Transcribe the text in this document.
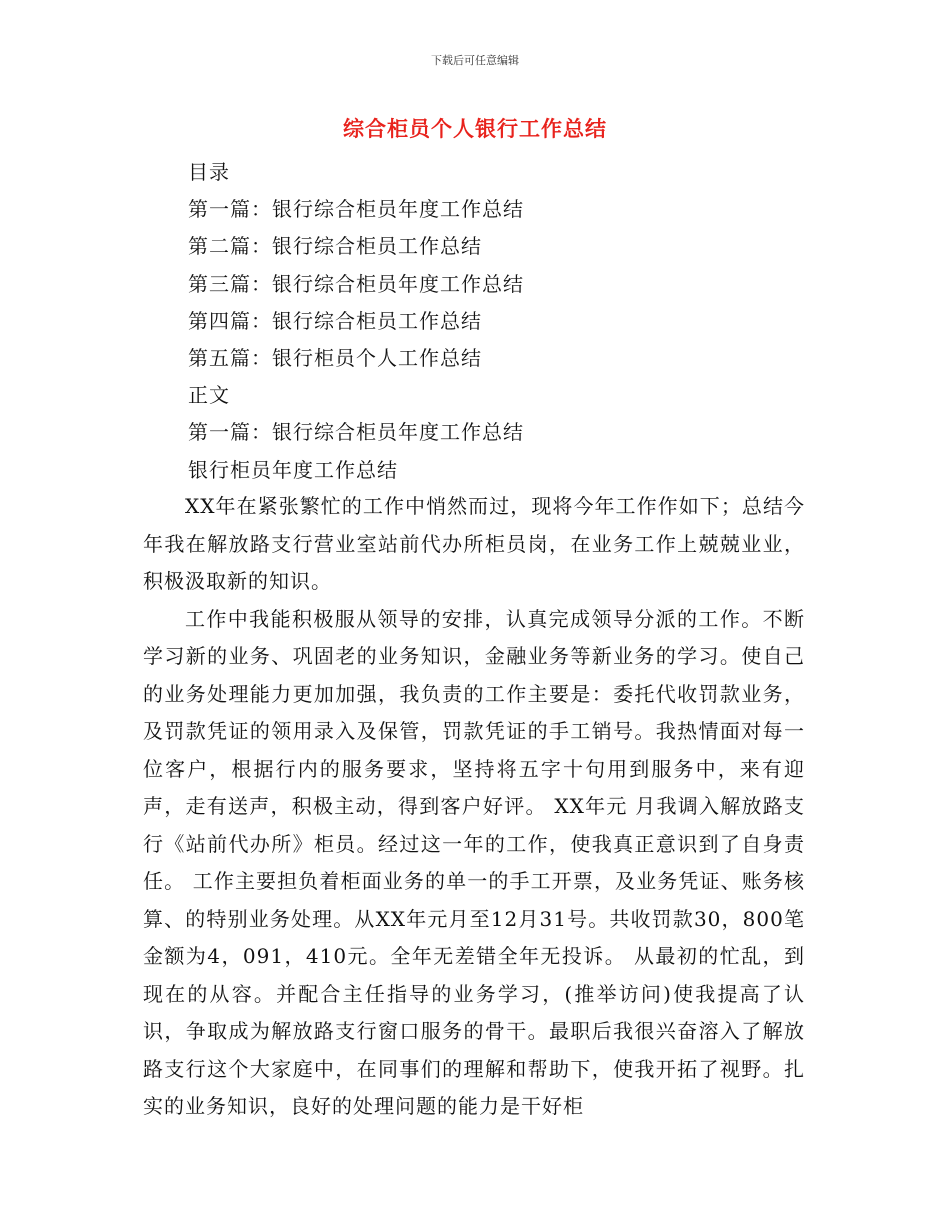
下载后可任意编辑
综合柜员个人银行工作总结
目录
第一篇：银行综合柜员年度工作总结
第二篇：银行综合柜员工作总结
第三篇：银行综合柜员年度工作总结
第四篇：银行综合柜员工作总结
第五篇：银行柜员个人工作总结
正文
第一篇：银行综合柜员年度工作总结
银行柜员年度工作总结

XX年在紧张繁忙的工作中悄然而过，现将今年工作作如下；总结今年我在解放路支行营业室站前代办所柜员岗，在业务工作上兢兢业业，积极汲取新的知识。

工作中我能积极服从领导的安排，认真完成领导分派的工作。不断学习新的业务、巩固老的业务知识，金融业务等新业务的学习。使自己的业务处理能力更加加强，我负责的工作主要是：委托代收罚款业务，及罚款凭证的领用录入及保管，罚款凭证的手工销号。我热情面对每一位客户，根据行内的服务要求，坚持将五字十句用到服务中，来有迎声，走有送声，积极主动，得到客户好评。 XX年元 月我调入解放路支行《站前代办所》柜员。经过这一年的工作，使我真正意识到了自身责任。 工作主要担负着柜面业务的单一的手工开票，及业务凭证、账务核算、的特别业务处理。从XX年元月至12月31号。共收罚款30，800笔金额为4，091，410元。全年无差错全年无投诉。 从最初的忙乱，到现在的从容。并配合主任指导的业务学习，(推举访问)使我提高了认识，争取成为解放路支行窗口服务的骨干。最职后我很兴奋溶入了解放路支行这个大家庭中，在同事们的理解和帮助下，使我开拓了视野。扎实的业务知识，良好的处理问题的能力是干好柜
